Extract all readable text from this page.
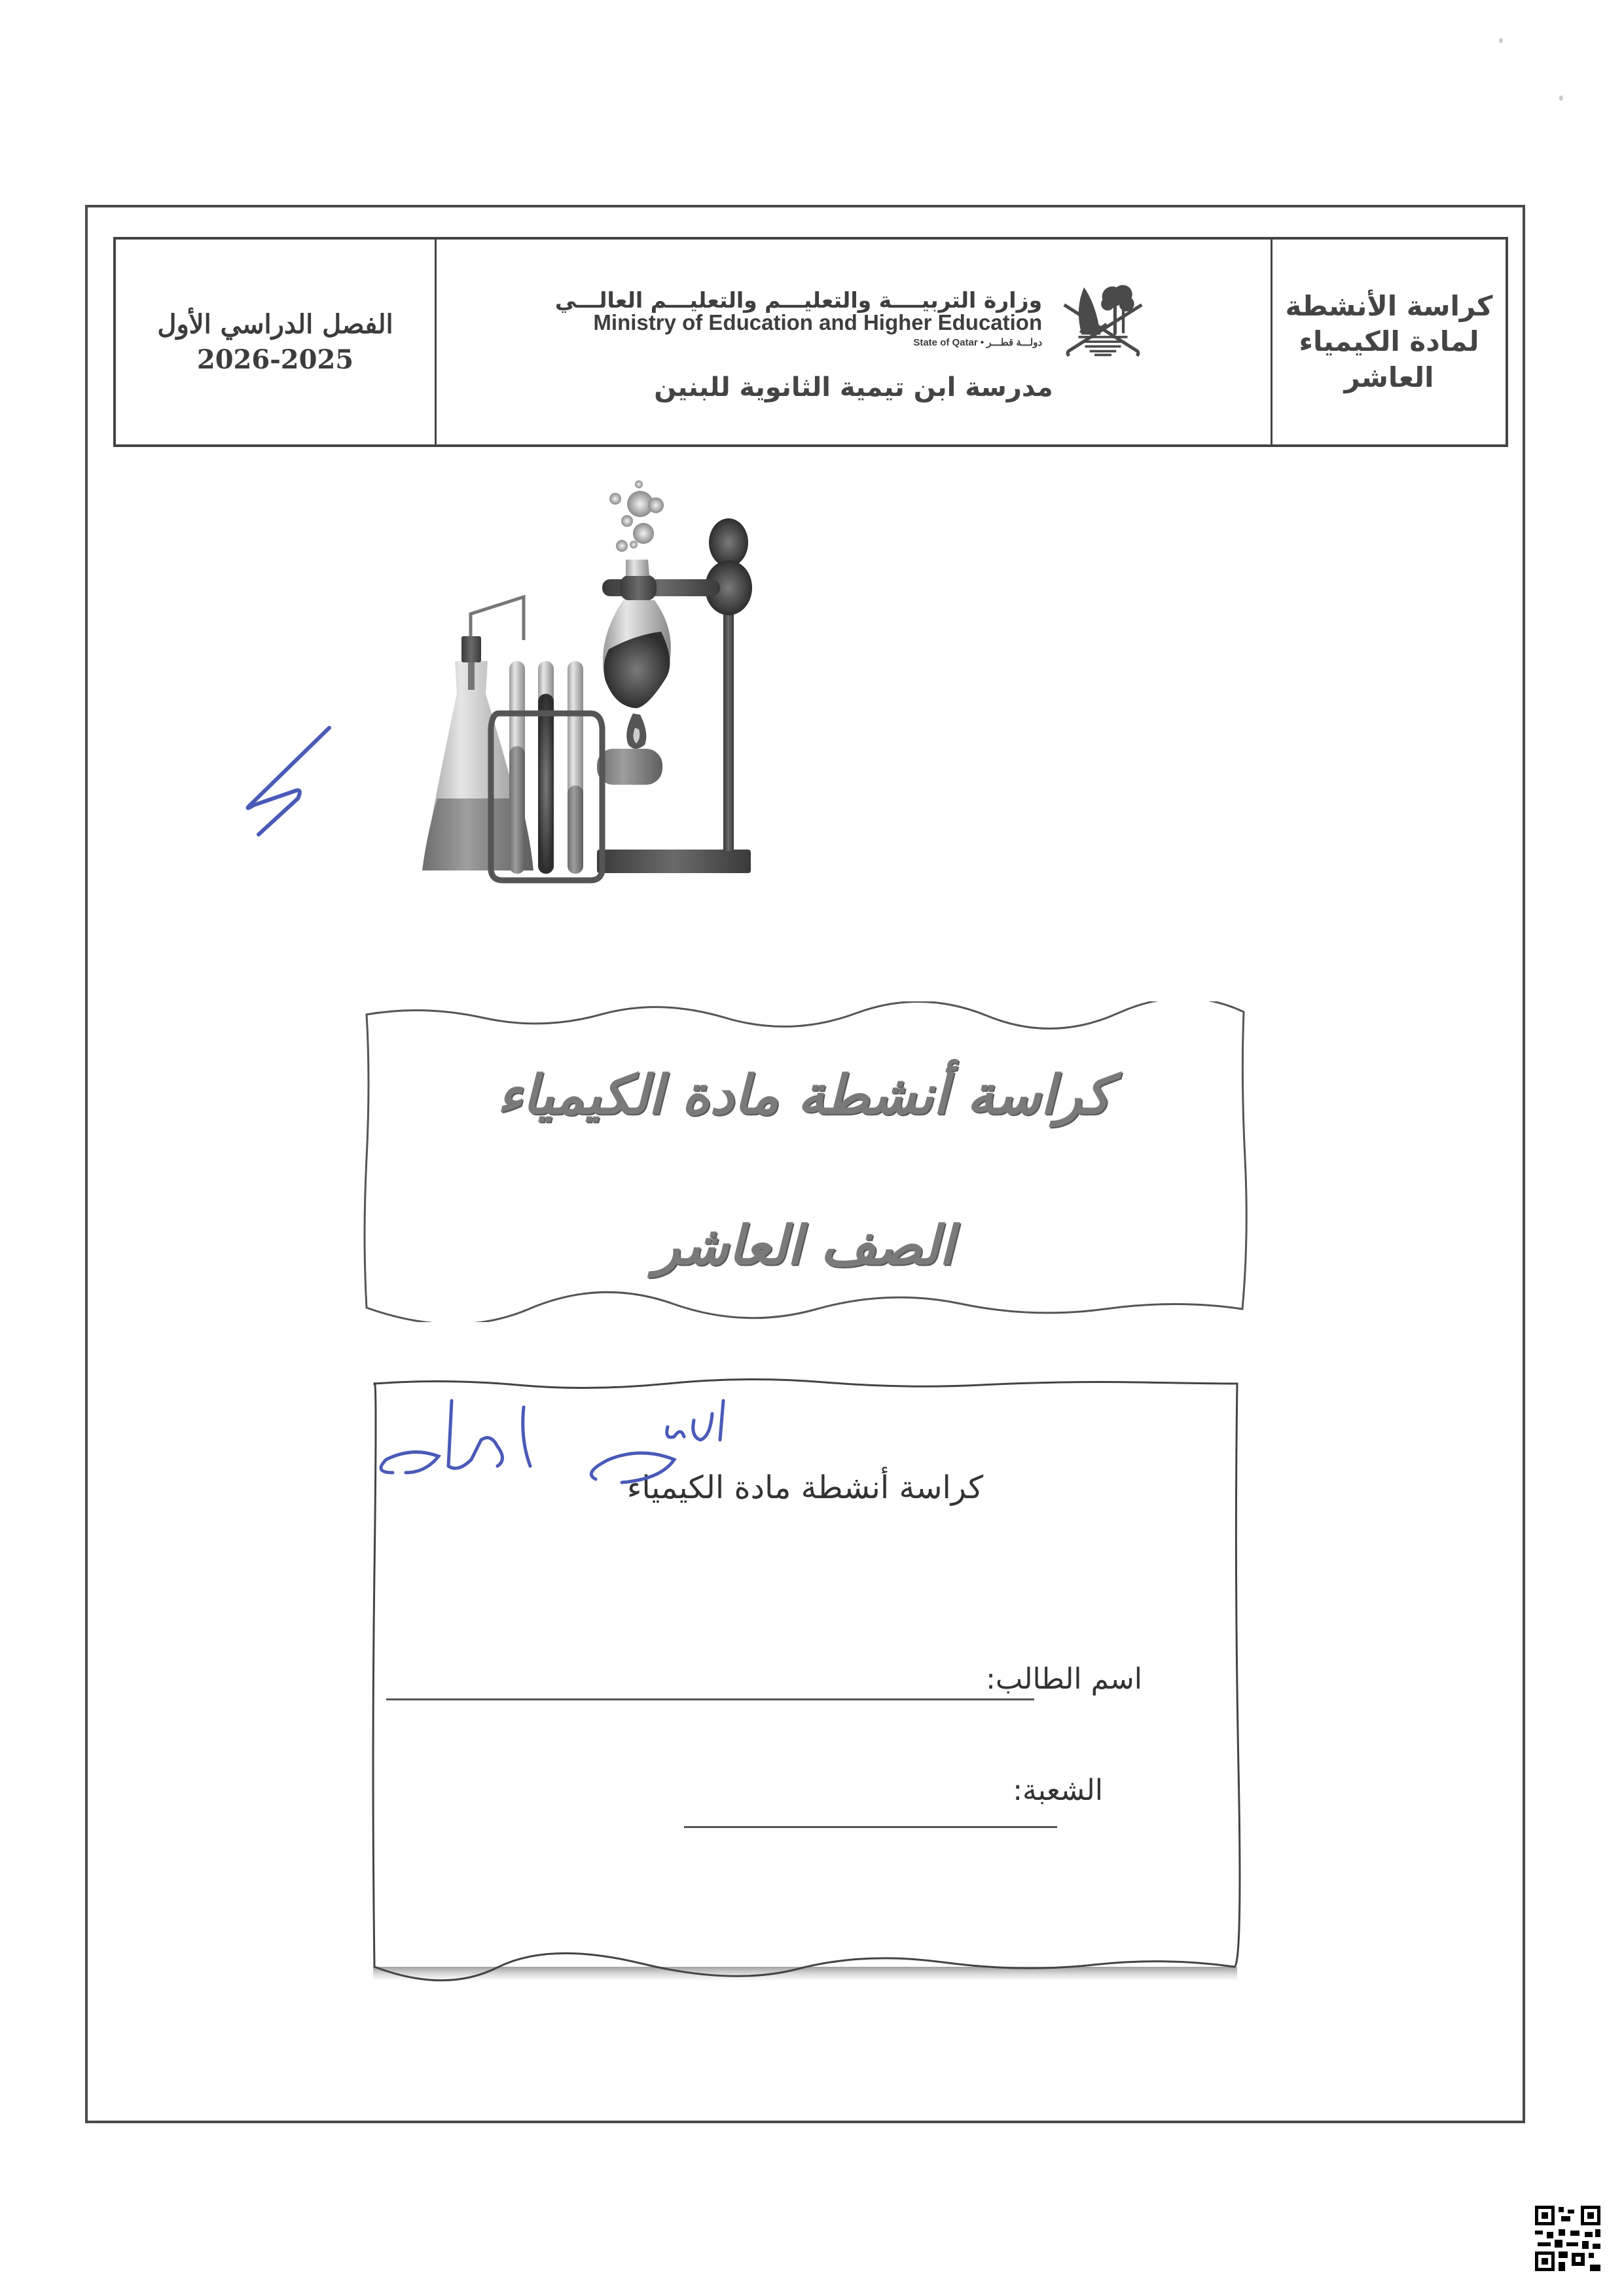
الفصل الدراسي الأول
2026-2025
وزارة التربيــــة والتعليـــم والتعليـــم العالـــي
Ministry of Education and Higher Education
State of Qatar • دولـــة قطـــر
مدرسة ابن تيمية الثانوية للبنين
كراسة الأنشطة
لمادة الكيمياء
العاشر
كراسة أنشطة مادة الكيمياء
الصف العاشر
كراسة أنشطة مادة الكيمياء
اسم الطالب:
الشعبة:
